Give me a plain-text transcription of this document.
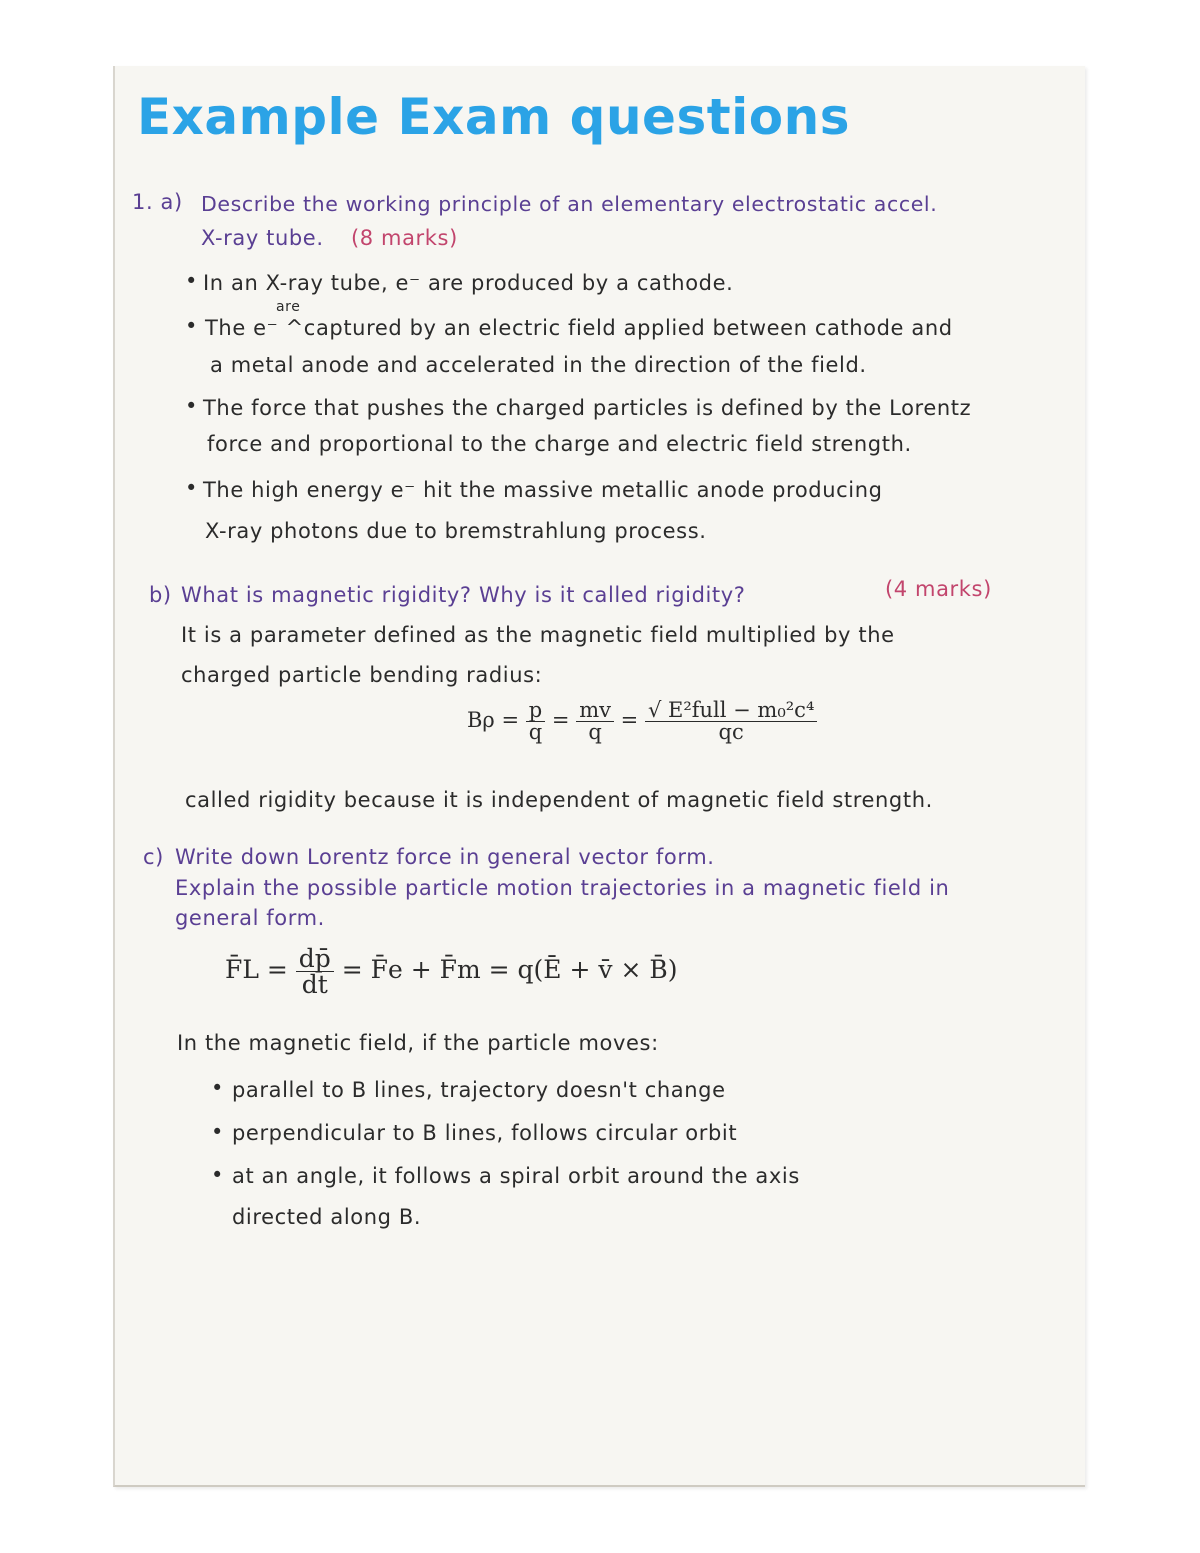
Example Exam questions
1. a) Describe the working principle of an elementary electrostatic accel.
X-ray tube. (8 marks)
• In an X-ray tube, e⁻ are produced by a cathode.
are
• The e⁻ ^captured by an electric field applied between cathode and
a metal anode and accelerated in the direction of the field.
• The force that pushes the charged particles is defined by the Lorentz
force and proportional to the charge and electric field strength.
• The high energy e⁻ hit the massive metallic anode producing
X-ray photons due to bremstrahlung process.
b) What is magnetic rigidity? Why is it called rigidity?	(4 marks)
It is a parameter defined as the magnetic field multiplied by the
charged particle bending radius:
$B\rho = \frac{p}{q} = \frac{mv}{q} = \frac{\text{√ E²full − m₀²c⁴}}{qc}$
called rigidity because it is independent of magnetic field strength.
c) Write down Lorentz force in general vector form.
Explain the possible particle motion trajectories in a magnetic field in
general form.
F̄L = $\frac{dp̄}{dt}$ = F̄e + F̄m = q(Ē + v̄ × B̄)
In the magnetic field, if the particle moves:
• parallel to B lines, trajectory doesn't change
• perpendicular to B lines, follows circular orbit
• at an angle, it follows a spiral orbit around the axis
directed along B.
